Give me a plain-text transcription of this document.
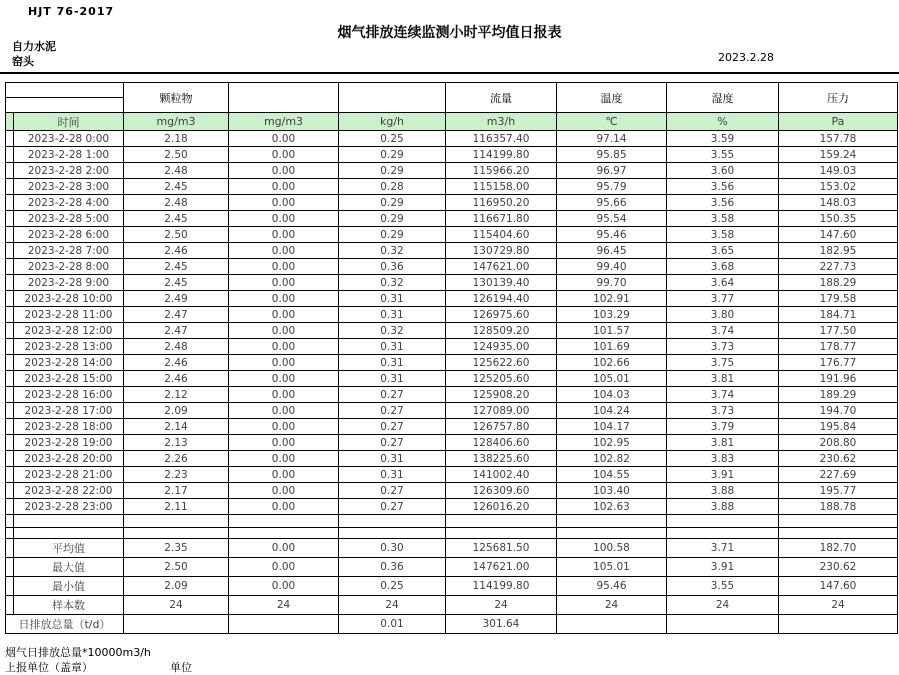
HJT 76-2017
烟气排放连续监测小时平均值日报表
自力水泥
窑头	2023.2.28
		颗粒物			流量	温度	湿度	压力

	时间	mg/m3	mg/m3	kg/h	m3/h	℃	%	Pa
	2023-2-28 0:00	2.18	0.00	0.25	116357.40	97.14	3.59	157.78
	2023-2-28 1:00	2.50	0.00	0.29	114199.80	95.85	3.55	159.24
	2023-2-28 2:00	2.48	0.00	0.29	115966.20	96.97	3.60	149.03
	2023-2-28 3:00	2.45	0.00	0.28	115158.00	95.79	3.56	153.02
	2023-2-28 4:00	2.48	0.00	0.29	116950.20	95.66	3.56	148.03
	2023-2-28 5:00	2.45	0.00	0.29	116671.80	95.54	3.58	150.35
	2023-2-28 6:00	2.50	0.00	0.29	115404.60	95.46	3.58	147.60
	2023-2-28 7:00	2.46	0.00	0.32	130729.80	96.45	3.65	182.95
	2023-2-28 8:00	2.45	0.00	0.36	147621.00	99.40	3.68	227.73
	2023-2-28 9:00	2.45	0.00	0.32	130139.40	99.70	3.64	188.29
	2023-2-28 10:00	2.49	0.00	0.31	126194.40	102.91	3.77	179.58
	2023-2-28 11:00	2.47	0.00	0.31	126975.60	103.29	3.80	184.71
	2023-2-28 12:00	2.47	0.00	0.32	128509.20	101.57	3.74	177.50
	2023-2-28 13:00	2.48	0.00	0.31	124935.00	101.69	3.73	178.77
	2023-2-28 14:00	2.46	0.00	0.31	125622.60	102.66	3.75	176.77
	2023-2-28 15:00	2.46	0.00	0.31	125205.60	105.01	3.81	191.96
	2023-2-28 16:00	2.12	0.00	0.27	125908.20	104.03	3.74	189.29
	2023-2-28 17:00	2.09	0.00	0.27	127089.00	104.24	3.73	194.70
	2023-2-28 18:00	2.14	0.00	0.27	126757.80	104.17	3.79	195.84
	2023-2-28 19:00	2.13	0.00	0.27	128406.60	102.95	3.81	208.80
	2023-2-28 20:00	2.26	0.00	0.31	138225.60	102.82	3.83	230.62
	2023-2-28 21:00	2.23	0.00	0.31	141002.40	104.55	3.91	227.69
	2023-2-28 22:00	2.17	0.00	0.27	126309.60	103.40	3.88	195.77
	2023-2-28 23:00	2.11	0.00	0.27	126016.20	102.63	3.88	188.78

	平均值	2.35	0.00	0.30	125681.50	100.58	3.71	182.70
	最大值	2.50	0.00	0.36	147621.00	105.01	3.91	230.62
	最小值	2.09	0.00	0.25	114199.80	95.46	3.55	147.60
	样本数	24	24	24	24	24	24	24
日排放总量（t/d）				0.01	301.64			
烟气日排放总量*10000m3/h
上报单位（盖章）	单位
